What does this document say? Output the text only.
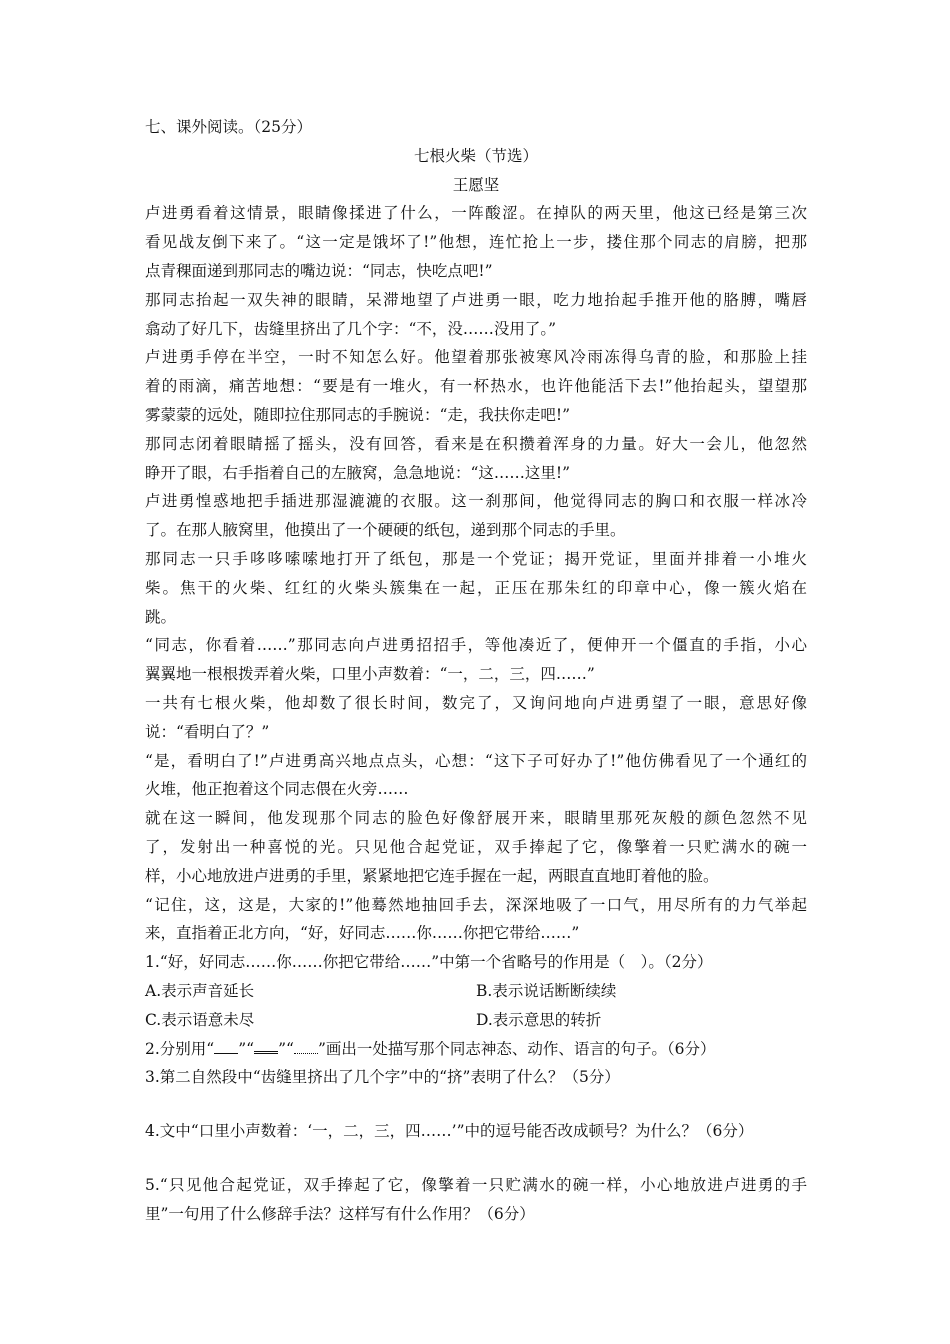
七、课外阅读。（25分）
七根火柴（节选）
王愿坚
卢进勇看着这情景，眼睛像揉进了什么，一阵酸涩。在掉队的两天里，他这已经是第三次
看见战友倒下来了。“这一定是饿坏了!”他想，连忙抢上一步，搂住那个同志的肩膀，把那
点青稞面递到那同志的嘴边说：“同志，快吃点吧!”
那同志抬起一双失神的眼睛，呆滞地望了卢进勇一眼，吃力地抬起手推开他的胳膊，嘴唇
翕动了好几下，齿缝里挤出了几个字：“不，没……没用了。”
卢进勇手停在半空，一时不知怎么好。他望着那张被寒风冷雨冻得乌青的脸，和那脸上挂
着的雨滴，痛苦地想：“要是有一堆火，有一杯热水，也许他能活下去!”他抬起头，望望那
雾蒙蒙的远处，随即拉住那同志的手腕说：“走，我扶你走吧!”
那同志闭着眼睛摇了摇头，没有回答，看来是在积攒着浑身的力量。好大一会儿，他忽然
睁开了眼，右手指着自己的左腋窝，急急地说：“这……这里!”
卢进勇惶惑地把手插进那湿漉漉的衣服。这一刹那间，他觉得同志的胸口和衣服一样冰冷
了。在那人腋窝里，他摸出了一个硬硬的纸包，递到那个同志的手里。
那同志一只手哆哆嗦嗦地打开了纸包，那是一个党证；揭开党证，里面并排着一小堆火
柴。焦干的火柴、红红的火柴头簇集在一起，正压在那朱红的印章中心，像一簇火焰在
跳。
“同志，你看着……”那同志向卢进勇招招手，等他凑近了，便伸开一个僵直的手指，小心
翼翼地一根根拨弄着火柴，口里小声数着：“一，二，三，四……”
一共有七根火柴，他却数了很长时间，数完了，又询问地向卢进勇望了一眼，意思好像
说：“看明白了？”
“是，看明白了!”卢进勇高兴地点点头，心想：“这下子可好办了!”他仿佛看见了一个通红的
火堆，他正抱着这个同志偎在火旁……
就在这一瞬间，他发现那个同志的脸色好像舒展开来，眼睛里那死灰般的颜色忽然不见
了，发射出一种喜悦的光。只见他合起党证，双手捧起了它，像擎着一只贮满水的碗一
样，小心地放进卢进勇的手里，紧紧地把它连手握在一起，两眼直直地盯着他的脸。
“记住，这，这是，大家的!”他蓦然地抽回手去，深深地吸了一口气，用尽所有的力气举起
来，直指着正北方向，“好，好同志……你……你把它带给……”
1.“好，好同志……你……你把它带给……”中第一个省略号的作用是（　）。（2分）
A.表示声音延长	B.表示说话断断续续
C.表示语意未尽	D.表示意思的转折
2.分别用“ ”“ ”“ ”画出一处描写那个同志神态、动作、语言的句子。（6分）
3.第二自然段中“齿缝里挤出了几个字”中的“挤”表明了什么？（5分）
4.文中“口里小声数着：‘一，二，三，四……’”中的逗号能否改成顿号？为什么？（6分）
5.“只见他合起党证，双手捧起了它，像擎着一只贮满水的碗一样，小心地放进卢进勇的手
里”一句用了什么修辞手法？这样写有什么作用？（6分）
